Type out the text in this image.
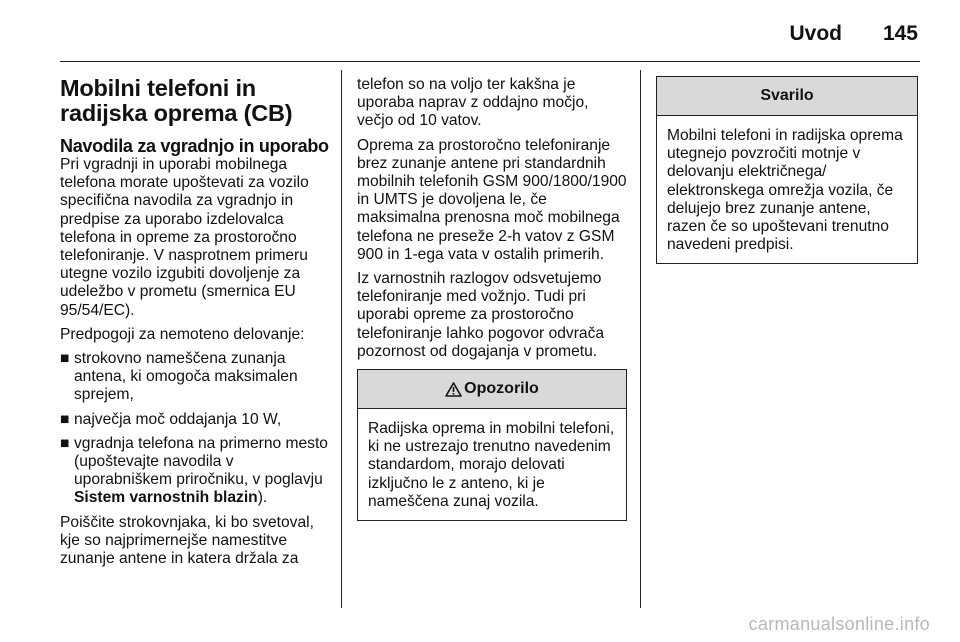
Uvod 145
Mobilni telefoni in radijska oprema (CB)
Navodila za vgradnjo in uporabo

Pri vgradnji in uporabi mobilnega telefona morate upoštevati za vozilo specifična navodila za vgradnjo in predpise za uporabo izdelovalca telefona in opreme za prostoročno telefoniranje. V nasprotnem primeru utegne vozilo izgubiti dovoljenje za udeležbo v prometu (smernica EU 95/54/EC).

Predpogoji za nemoteno delovanje:

■ strokovno nameščena zunanja antena, ki omogoča maksimalen sprejem,
■ največja moč oddajanja 10 W,
■ vgradnja telefona na primerno mesto (upoštevajte navodila v uporabniškem priročniku, v poglavju Sistem varnostnih blazin).

Poiščite strokovnjaka, ki bo svetoval, kje so najprimernejše namestitve zunanje antene in katera držala za

telefon so na voljo ter kakšna je uporaba naprav z oddajno močjo, večjo od 10 vatov.

Oprema za prostoročno telefoniranje brez zunanje antene pri standardnih mobilnih telefonih GSM 900/1800/1900 in UMTS je dovoljena le, če maksimalna prenosna moč mobilnega telefona ne preseže 2-h vatov z GSM 900 in 1-ega vata v ostalih primerih.

Iz varnostnih razlogov odsvetujemo telefoniranje med vožnjo. Tudi pri uporabi opreme za prostoročno telefoniranje lahko pogovor odvrača pozornost od dogajanja v prometu.

Opozorilo
Radijska oprema in mobilni telefoni, ki ne ustrezajo trenutno navedenim standardom, morajo delovati izključno le z anteno, ki je nameščena zunaj vozila.
Svarilo
Mobilni telefoni in radijska oprema utegnejo povzročiti motnje v delovanju električnega/ elektronskega omrežja vozila, če delujejo brez zunanje antene, razen če so upoštevani trenutno navedeni predpisi.
carmanualsonline.info
